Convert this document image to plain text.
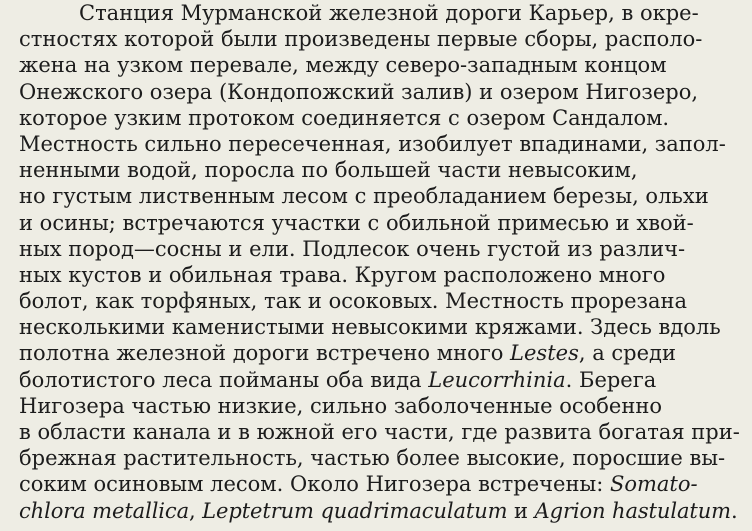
Станция Мурманской железной дороги Карьер, в окре-
стностях которой были произведены первые сборы, располо-
жена на узком перевале, между северо-западным концом
Онежского озера (Кондопожский залив) и озером Нигозеро,
которое узким протоком соединяется с озером Сандалом.
Местность сильно пересеченная, изобилует впадинами, запол-
ненными водой, поросла по большей части невысоким,
но густым лиственным лесом с преобладанием березы, ольхи
и осины; встречаются участки с обильной примесью и хвой-
ных пород—сосны и ели. Подлесок очень густой из различ-
ных кустов и обильная трава. Кругом расположено много
болот, как торфяных, так и осоковых. Местность прорезана
несколькими каменистыми невысокими кряжами. Здесь вдоль
полотна железной дороги встречено много Lestes, а среди
болотистого леса пойманы оба вида Leucorrhinia. Берега
Нигозера частью низкие, сильно заболоченные особенно
в области канала и в южной его части, где развита богатая при-
брежная растительность, частью более высокие, поросшие вы-
соким осиновым лесом. Около Нигозера встречены: Somato-
chlora metallica, Leptetrum quadrimaculatum и Agrion hastulatum.
